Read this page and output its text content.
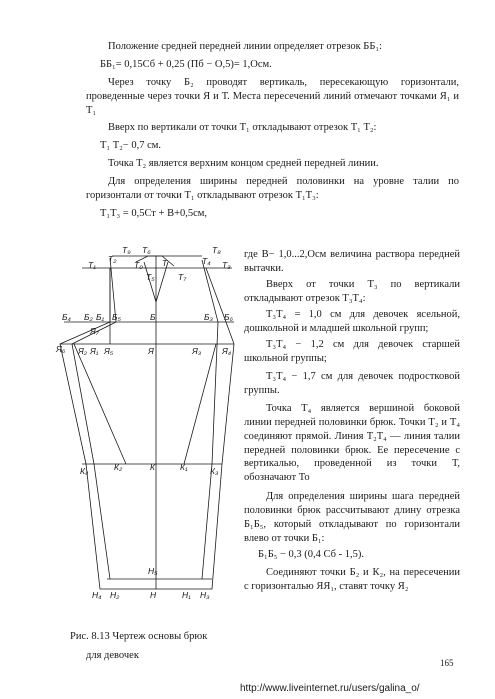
Положение средней передней линии определяет отрезок ББ₁:

ББ₁= 0,15Сб + 0,25 (Пб − О,5)= 1,Осм.

Через точку Б₂ проводят вертикаль, пересекающую горизонтали, проведенные через точки Я и Т. Места пересечений линий отмечают точками Я₁ и Т₁

Вверх по вертикали от точки Т₁ откладывают отрезок Т₁ Т₂:

Т₁ Т₂− 0,7 см.

Точка Т₂ является верхним концом средней передней линии.

Для определения ширины передней половинки на уровне талии по горизонтали от точки Т₁ откладывают отрезок Т₁Т₃:

Т₁Т₃ = 0,5Ст + В+0,5см,

T₉ T₆	T₈
T₁
T₂
T₀ T	T₄ T₃
T₅	T₇
Б₄ Б₂ Б₁ Б₅	Б	Б₃ Б₆
Я₇
Я₆ Я₂ Я₁ Я₅	Я	Я₃ Я₄
К₄	К₂	К	К₁	К₃
Н₅
Н₄ Н₂	Н	Н₁ Н₃

где В− 1,0...2,Осм величина раствора передней вытачки.

Вверх от точки Т₃ по вертикали откладывают отрезок Т₃Т₄:

Т₃Т₄ = 1,0 см для девочек ясельной, дошкольной и младшей школьной групп;

Т₃Т₄ − 1,2 см для девочек старшей школьной группы;

Т₃Т₄ − 1,7 см для девочек подростковой группы.

Точка Т₄ является вершиной боковой линии передней половинки брюк. Точки Т₂ и Т₄ соединяют прямой. Линия Т₂Т₄ — линия талии передней половинки брюк. Ее пересечение с вертикалью, проведенной из точки Т, обозначают То

Для определения ширины шага передней половинки брюк рассчитывают длину отрезка Б₁Б₅, который откладывают по горизонтали влево от точки Б₁:

Б₁Б₅ − 0,3 (0,4 Сб - 1,5).

Соединяют точки Б₂ и К₂, на пересечении с горизонталью ЯЯ₁, ставят точку Я₂

Рис. 8.13 Чертеж основы брюк

для девочек

165

http://www.liveinternet.ru/users/galina_o/
